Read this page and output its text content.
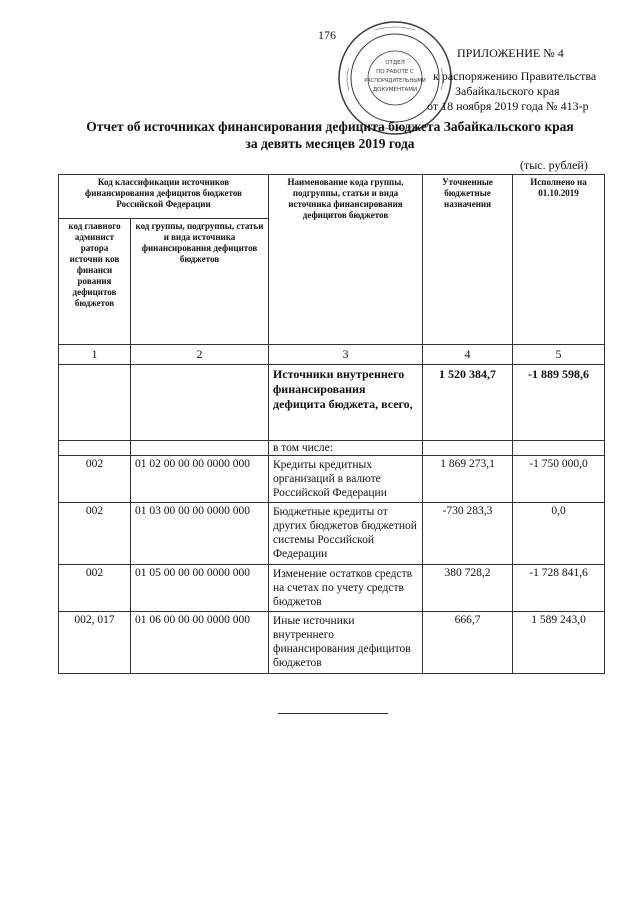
176
ОТДЕЛ
ПО РАБОТЕ С
РАСПОРЯДИТЕЛЬНЫМИ
ДОКУМЕНТАМИ
ПРИЛОЖЕНИЕ № 4
к распоряжению Правительства
Забайкальского края
от 18 ноября 2019 года № 413-р
Отчет об источниках финансирования дефицита бюджета Забайкальского края
за девять месяцев 2019 года
(тыс. рублей)
Код классификации источников финансирования дефицитов бюджетов Российской Федерации		Наименование кода группы, подгруппы, статьи и вида источника финансирования дефицитов бюджетов	Уточненные бюджетные назначения	Исполнено на 01.10.2019
код главного админист ратора источни ков финанси рования дефицитов бюджетов	код группы, подгруппы, статьи и вида источника финансирования дефицитов бюджетов			
1	2	3	4	5
		Источники внутреннего финансирования дефицита бюджета, всего,	1 520 384,7	-1 889 598,6
		в том числе:		
002	01 02 00 00 00 0000 000	Кредиты кредитных организаций в валюте Российской Федерации	1 869 273,1	-1 750 000,0
002	01 03 00 00 00 0000 000	Бюджетные кредиты от других бюджетов бюджетной системы Российской Федерации	-730 283,3	0,0
002	01 05 00 00 00 0000 000	Изменение остатков средств на счетах по учету средств бюджетов	380 728,2	-1 728 841,6
002, 017	01 06 00 00 00 0000 000	Иные источники внутреннего финансирования дефицитов бюджетов	666,7	1 589 243,0
